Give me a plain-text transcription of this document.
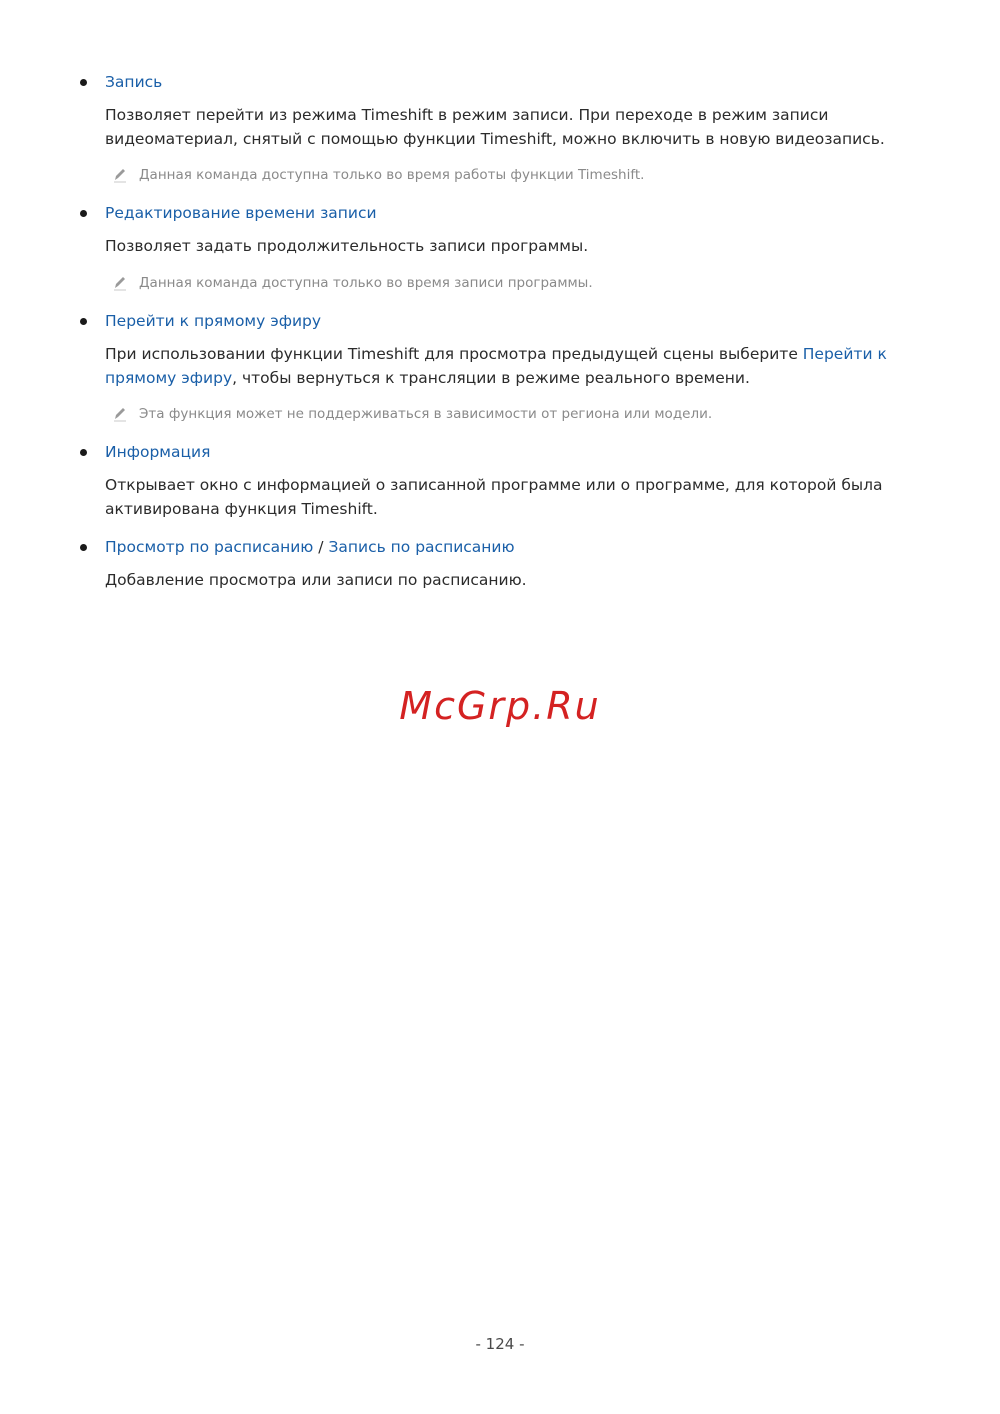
Запись
Позволяет перейти из режима Timeshift в режим записи. При переходе в режим записи видеоматериал, снятый с помощью функции Timeshift, можно включить в новую видеозапись.
Данная команда доступна только во время работы функции Timeshift.
Редактирование времени записи
Позволяет задать продолжительность записи программы.
Данная команда доступна только во время записи программы.
Перейти к прямому эфиру
При использовании функции Timeshift для просмотра предыдущей сцены выберите Перейти к прямому эфиру, чтобы вернуться к трансляции в режиме реального времени.
Эта функция может не поддерживаться в зависимости от региона или модели.
Информация
Открывает окно с информацией о записанной программе или о программе, для которой была активирована функция Timeshift.
Просмотр по расписанию / Запись по расписанию
Добавление просмотра или записи по расписанию.
McGrp.Ru
- 124 -
